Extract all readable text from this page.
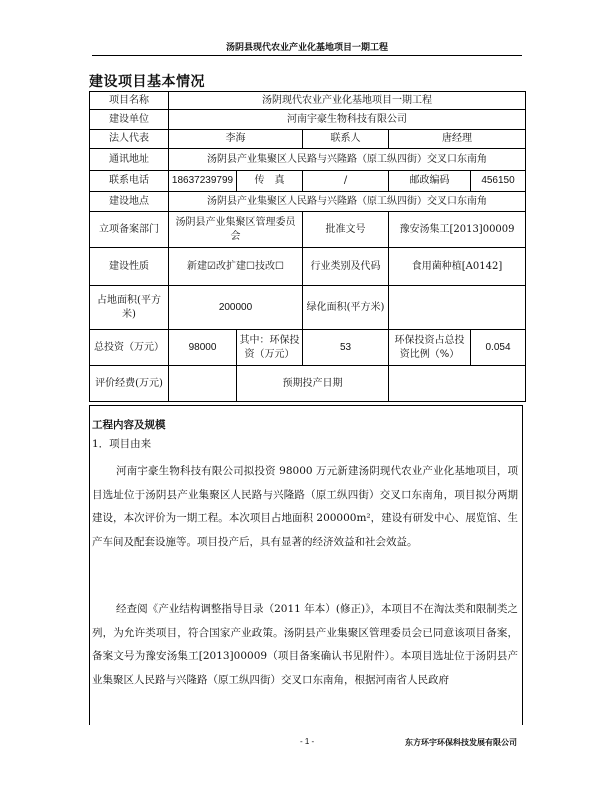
汤阴县现代农业产业化基地项目一期工程
建设项目基本情况
项目名称	汤阴现代农业产业化基地项目一期工程				
建设单位	河南宇豪生物科技有限公司				
法人代表	李海		联系人	唐经理	
通讯地址	汤阴县产业集聚区人民路与兴隆路（原工纵四街）交叉口东南角				
联系电话	18637239799	传　真	/	邮政编码	456150
建设地点	汤阴县产业集聚区人民路与兴隆路（原工纵四街）交叉口东南角				
立项备案部门	汤阴县产业集聚区管理委员会		批准文号	豫安汤集工[2013]00009	
建设性质	新建☑改扩建☐技改☐		行业类别及代码	食用菌种植[A0142]	
占地面积(平方米)	200000		绿化面积(平方米)		
总投资（万元）	98000	其中：环保投资（万元）	53	环保投资占总投资比例（%）	0.054
评价经费(万元)		预期投产日期			
工程内容及规模
1．项目由来

河南宇豪生物科技有限公司拟投资 98000 万元新建汤阴现代农业产业化基地项目，项目选址位于汤阴县产业集聚区人民路与兴隆路（原工纵四街）交叉口东南角，项目拟分两期建设，本次评价为一期工程。本次项目占地面积 200000m²，建设有研发中心、展览馆、生产车间及配套设施等。项目投产后，具有显著的经济效益和社会效益。

经查阅《产业结构调整指导目录（2011 年本）(修正)》，本项目不在淘汰类和限制类之列，为允许类项目，符合国家产业政策。汤阴县产业集聚区管理委员会已同意该项目备案，备案文号为豫安汤集工[2013]00009（项目备案确认书见附件）。本项目选址位于汤阴县产业集聚区人民路与兴隆路（原工纵四街）交叉口东南角，根据河南省人民政府

- 1 -	东方环宇环保科技发展有限公司
